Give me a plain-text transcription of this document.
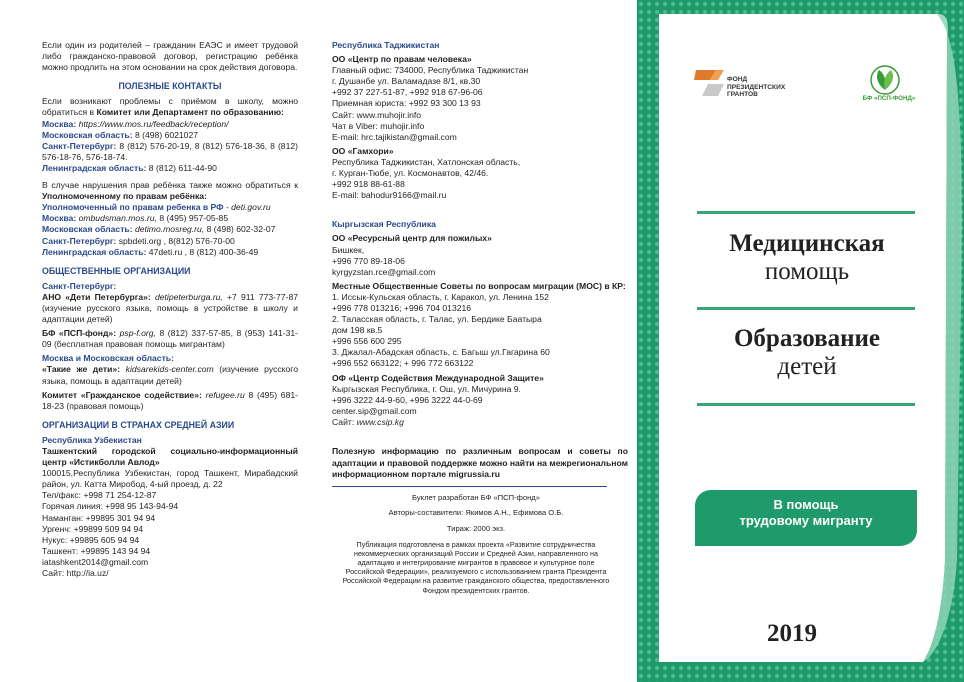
Если один из родителей – гражданин ЕАЭС и имеет трудовой либо гражданско-правовой договор, регистрацию ребёнка можно продлить на этом основании на срок действия договора.

ПОЛЕЗНЫЕ КОНТАКТЫ

Если возникают проблемы с приёмом в школу, можно обратиться в Комитет или Департамент по образованию:

Москва: https://www.mos.ru/feedback/reception/

Московская область: 8 (498) 6021027

Санкт-Петербург: 8 (812) 576-20-19, 8 (812) 576-18-36, 8 (812) 576-18-76, 576-18-74.

Ленинградская область: 8 (812) 611-44-90

В случае нарушения прав ребёнка также можно обратиться к Уполномоченному по правам ребёнка:

Уполномоченный по правам ребенка в РФ - deti.gov.ru

Москва: ombudsman.mos.ru, 8 (495) 957-05-85

Московская область: detimo.mosreg.ru, 8 (498) 602-32-07

Санкт-Петербург: spbdeti.org , 8(812) 576-70-00

Ленинградская область: 47deti.ru , 8 (812) 400-36-49

ОБЩЕСТВЕННЫЕ ОРГАНИЗАЦИИ

Санкт-Петербург:

АНО «Дети Петербурга»: detipeterburga.ru, +7 911 773-77-87 (изучение русского языка, помощь в устройстве в школу и адаптации детей)

БФ «ПСП-фонд»: psp-f.org, 8 (812) 337-57-85, 8 (953) 141-31-09 (бесплатная правовая помощь мигрантам)

Москва и Московская область:

«Такие же дети»: kidsarekids-center.com (изучение русского языка, помощь в адаптации детей)

Комитет «Гражданское содействие»: refugee.ru 8 (495) 681-18-23 (правовая помощь)

ОРГАНИЗАЦИИ В СТРАНАХ СРЕДНЕЙ АЗИИ

Республика Узбекистан

Ташкентский городской социально-информационный центр «Истикболли Авлод»

100015,Республика Узбекистан, город Ташкент, Мирабадский район, ул. Катта Миробод, 4-ый проезд, д. 22

Тел/факс: +998 71 254-12-87

Горячая линия: +998 95 143-94-94

Наманган: +99895 301 94 94

Ургенч: +99899 509 94 94

Нукус: +99895 605 94 94

Ташкент: +99895 143 94 94

iatashkent2014@gmail.com

Сайт: http://ia.uz/

Республика Таджикистан

ОО «Центр по правам человека»

Главный офис: 734000, Республика Таджикистан

г. Душанбе ул. Валамадазе 8/1, кв.30

+992 37 227-51-87, +992 918 67-96-06

Приемная юриста: +992 93 300 13 93

Сайт: www.muhojir.info

Чат в Viber: muhojir.info

E-mail: hrc.tajikistan@gmail.com

ОО «Гамхори»

Республика Таджикистан, Хатлонская область,

г. Курган-Тюбе, ул. Космонавтов, 42/46.

+992 918 88-61-88

E-mail: bahodur9166@mail.ru

Кыргызская Республика

ОО «Ресурсный центр для пожилых»

Бишкек,

+996 770 89-18-06

kyrgyzstan.rce@gmail.com

Местные Общественные Советы по вопросам миграции (МОС) в КР:

1. Иссык-Кульская область, г. Каракол, ул. Ленина 152

+996 778 013216; +996 704 013216

2. Таласская область, г. Талас, ул. Бердике Баатыра

дом 198 кв.5

+996 556 600 295

3. Джалал-Абадская область, с. Багыш ул.Гагарина 60

+996 552 663122; + 996 772 663122

ОФ «Центр Содействия Международной Защите»

Кыргызская Республика, г. Ош, ул. Мичурина 9.

+996 3222 44-9-60, +996 3222 44-0-69

center.sip@gmail.com

Сайт: www.csip.kg

Полезную информацию по различным вопросам и советы по адаптации и правовой поддержке можно найти на межрегиональном информационном портале migrussia.ru

Буклет разработан БФ «ПСП-фонд»

Авторы-составители: Якимов А.Н., Ефимова О.Б.

Тираж: 2000 экз.

Публикация подготовлена в рамках проекта «Развитие сотрудничества некоммерческих организаций России и Средней Азии, направленного на адаптацию и интегрирование мигрантов в правовое и культурное поле Российской Федерации», реализуемого с использованием гранта Президента Российской Федерации на развитие гражданского общества, предоставленного Фондом президентских грантов.

ФОНД ПРЕЗИДЕНТСКИХ ГРАНТОВ
БФ «ПСП-ФОНД»
Медицинская
помощь
Образование
детей
В помощь
трудовому мигранту
2019
